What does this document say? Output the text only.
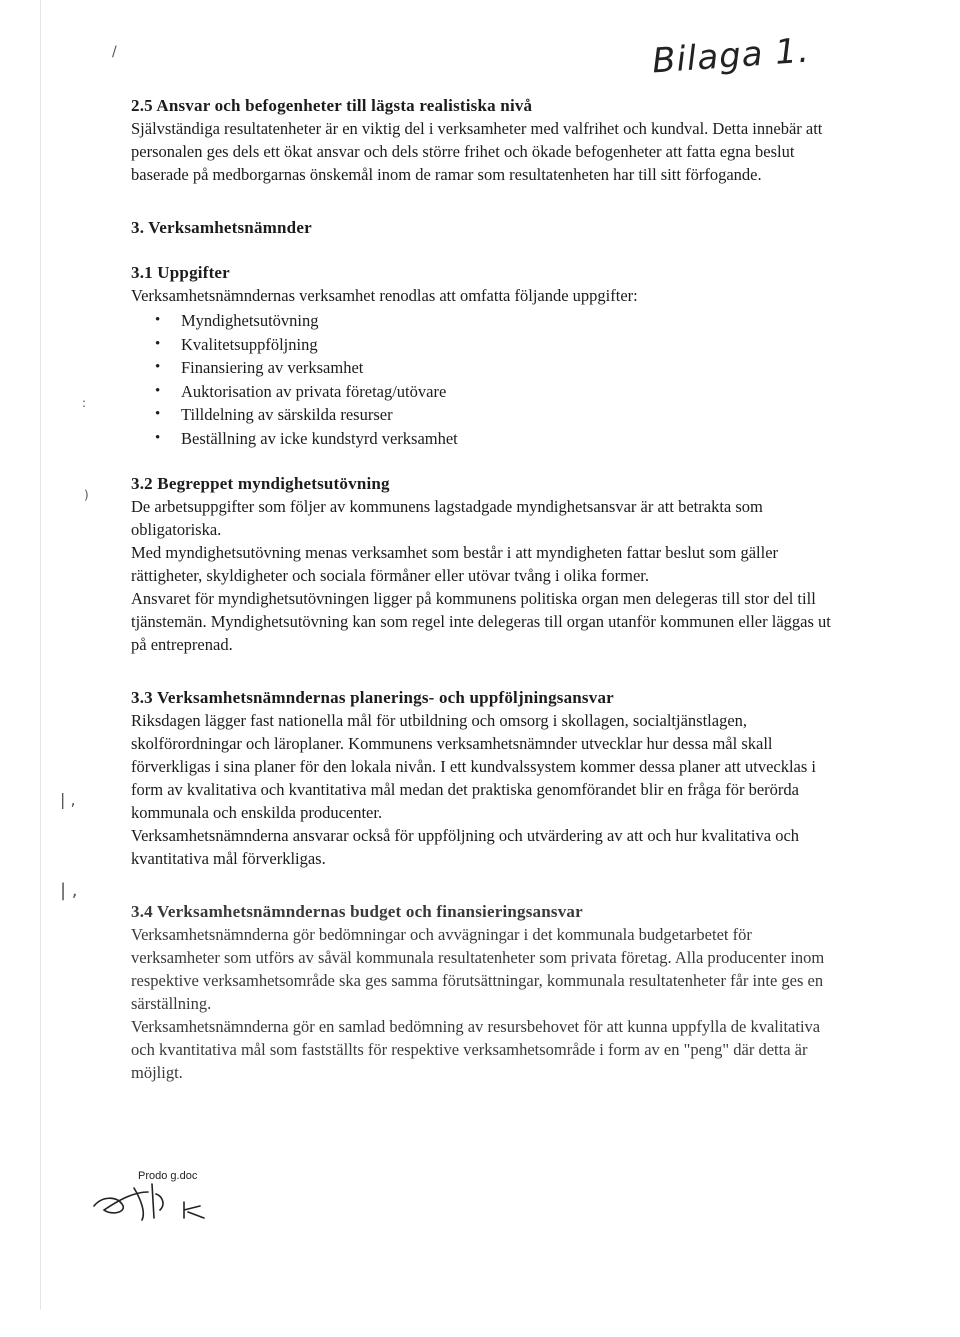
Bilaga 1.
/
:
)
| ,
| ,
2.5 Ansvar och befogenheter till lägsta realistiska nivå

Självständiga resultatenheter är en viktig del i verksamheter med valfrihet och kundval. Detta innebär att personalen ges dels ett ökat ansvar och dels större frihet och ökade befogenheter att fatta egna beslut baserade på medborgarnas önskemål inom de ramar som resultatenheten har till sitt förfogande.

3. Verksamhetsnämnder
3.1 Uppgifter

Verksamhetsnämndernas verksamhet renodlas att omfatta följande uppgifter:

• Myndighetsutövning
• Kvalitetsuppföljning
• Finansiering av verksamhet
• Auktorisation av privata företag/utövare
• Tilldelning av särskilda resurser
• Beställning av icke kundstyrd verksamhet
3.2 Begreppet myndighetsutövning

De arbetsuppgifter som följer av kommunens lagstadgade myndighetsansvar är att betrakta som obligatoriska.

Med myndighetsutövning menas verksamhet som består i att myndigheten fattar beslut som gäller rättigheter, skyldigheter och sociala förmåner eller utövar tvång i olika former.

Ansvaret för myndighetsutövningen ligger på kommunens politiska organ men delegeras till stor del till tjänstemän. Myndighetsutövning kan som regel inte delegeras till organ utanför kommunen eller läggas ut på entreprenad.

3.3 Verksamhetsnämndernas planerings- och uppföljningsansvar

Riksdagen lägger fast nationella mål för utbildning och omsorg i skollagen, socialtjänstlagen, skolförordningar och läroplaner. Kommunens verksamhetsnämnder utvecklar hur dessa mål skall förverkligas i sina planer för den lokala nivån. I ett kundvalssystem kommer dessa planer att utvecklas i form av kvalitativa och kvantitativa mål medan det praktiska genomförandet blir en fråga för berörda kommunala och enskilda producenter.

Verksamhetsnämnderna ansvarar också för uppföljning och utvärdering av att och hur kvalitativa och kvantitativa mål förverkligas.

3.4 Verksamhetsnämndernas budget och finansieringsansvar

Verksamhetsnämnderna gör bedömningar och avvägningar i det kommunala budgetarbetet för verksamheter som utförs av såväl kommunala resultatenheter som privata företag. Alla producenter inom respektive verksamhetsområde ska ges samma förutsättningar, kommunala resultatenheter får inte ges en särställning.

Verksamhetsnämnderna gör en samlad bedömning av resursbehovet för att kunna uppfylla de kvalitativa och kvantitativa mål som fastställts för respektive verksamhetsområde i form av en "peng" där detta är möjligt.

Prodo g.doc
